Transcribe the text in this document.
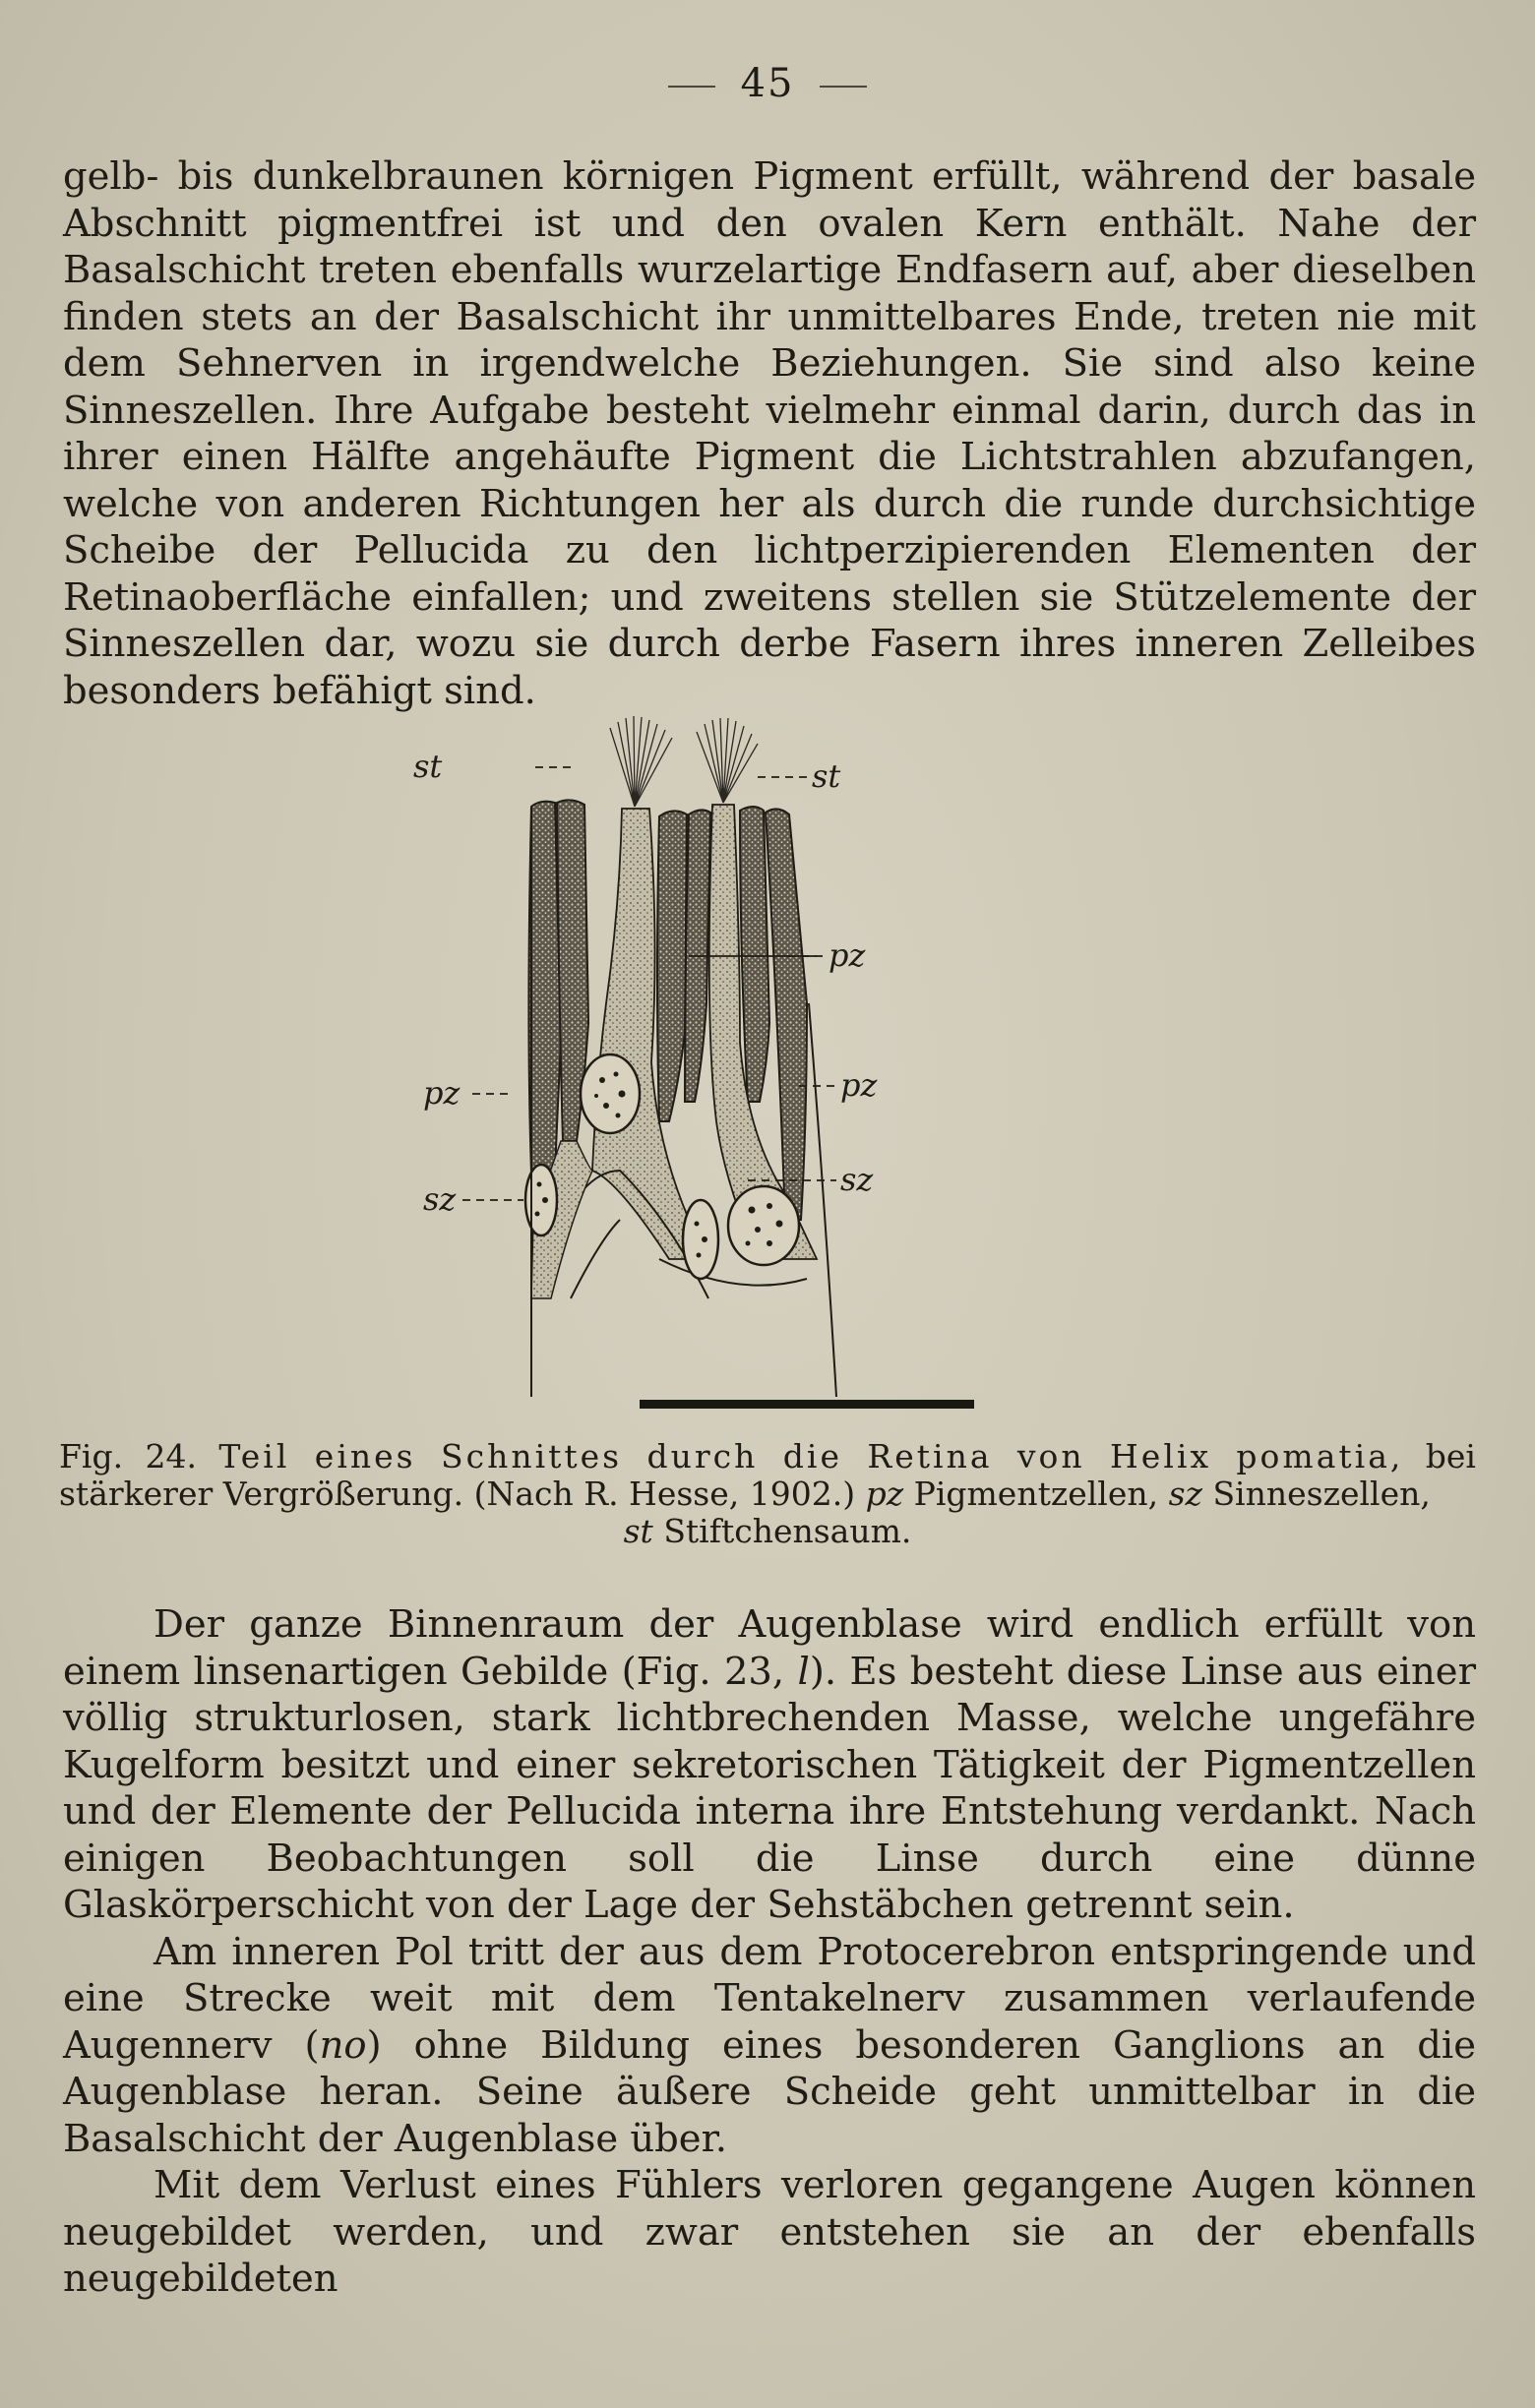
45

gelb- bis dunkelbraunen körnigen Pigment erfüllt, während der basale Abschnitt pigmentfrei ist und den ovalen Kern enthält. Nahe der Basalschicht treten ebenfalls wurzelartige Endfasern auf, aber dieselben finden stets an der Basalschicht ihr unmittelbares Ende, treten nie mit dem Sehnerven in irgendwelche Beziehungen. Sie sind also keine Sinneszellen. Ihre Aufgabe besteht vielmehr einmal darin, durch das in ihrer einen Hälfte angehäufte Pigment die Lichtstrahlen abzufangen, welche von anderen Richtungen her als durch die runde durchsichtige Scheibe der Pellucida zu den lichtperzipierenden Elementen der Retinaoberfläche einfallen; und zweitens stellen sie Stützelemente der Sinneszellen dar, wozu sie durch derbe Fasern ihres inneren Zelleibes besonders befähigt sind.

st	st
pz
pz
pz
sz
sz
Fig. 24. Teil eines Schnittes durch die Retina von Helix pomatia, bei stärkerer Vergrößerung. (Nach R. Hesse, 1902.) pz Pigmentzellen, sz Sinneszellen,
st Stiftchensaum.

Der ganze Binnenraum der Augenblase wird endlich erfüllt von einem linsenartigen Gebilde (Fig. 23, l). Es besteht diese Linse aus einer völlig strukturlosen, stark lichtbrechenden Masse, welche ungefähre Kugelform besitzt und einer sekretorischen Tätigkeit der Pigmentzellen und der Elemente der Pellucida interna ihre Entstehung verdankt. Nach einigen Beobachtungen soll die Linse durch eine dünne Glaskörperschicht von der Lage der Sehstäbchen getrennt sein.

Am inneren Pol tritt der aus dem Protocerebron entspringende und eine Strecke weit mit dem Tentakelnerv zusammen verlaufende Augennerv (no) ohne Bildung eines besonderen Ganglions an die Augenblase heran. Seine äußere Scheide geht unmittelbar in die Basalschicht der Augenblase über.

Mit dem Verlust eines Fühlers verloren gegangene Augen können neugebildet werden, und zwar entstehen sie an der ebenfalls neugebildeten
